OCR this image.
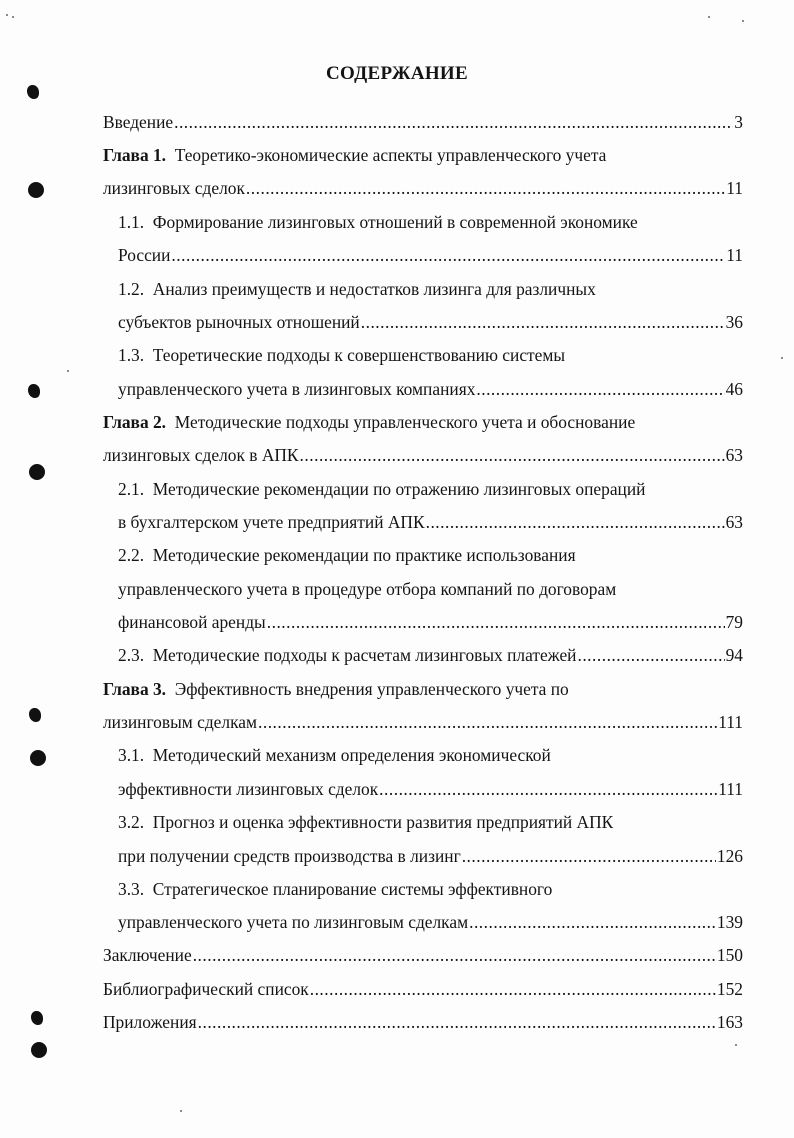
СОДЕРЖАНИЕ
Введение .....	3
Глава 1. Теоретико-экономические аспекты управленческого учета
лизинговых сделок .....	11
1.1. Формирование лизинговых отношений в современной экономике
России .....	11
1.2. Анализ преимуществ и недостатков лизинга для различных
субъектов рыночных отношений .....	36
1.3. Теоретические подходы к совершенствованию системы
управленческого учета в лизинговых компаниях .....	46
Глава 2. Методические подходы управленческого учета и обоснование
лизинговых сделок в АПК .....	63
2.1. Методические рекомендации по отражению лизинговых операций
в бухгалтерском учете предприятий АПК .....	63
2.2. Методические рекомендации по практике использования
управленческого учета в процедуре отбора компаний по договорам
финансовой аренды .....	79
2.3. Методические подходы к расчетам лизинговых платежей .....	94
Глава 3. Эффективность внедрения управленческого учета по
лизинговым сделкам .....	111
3.1. Методический механизм определения экономической
эффективности лизинговых сделок .....	111
3.2. Прогноз и оценка эффективности развития предприятий АПК
при получении средств производства в лизинг .....	126
3.3. Стратегическое планирование системы эффективного
управленческого учета по лизинговым сделкам .....	139
Заключение .....	150
Библиографический список .....	152
Приложения .....	163
